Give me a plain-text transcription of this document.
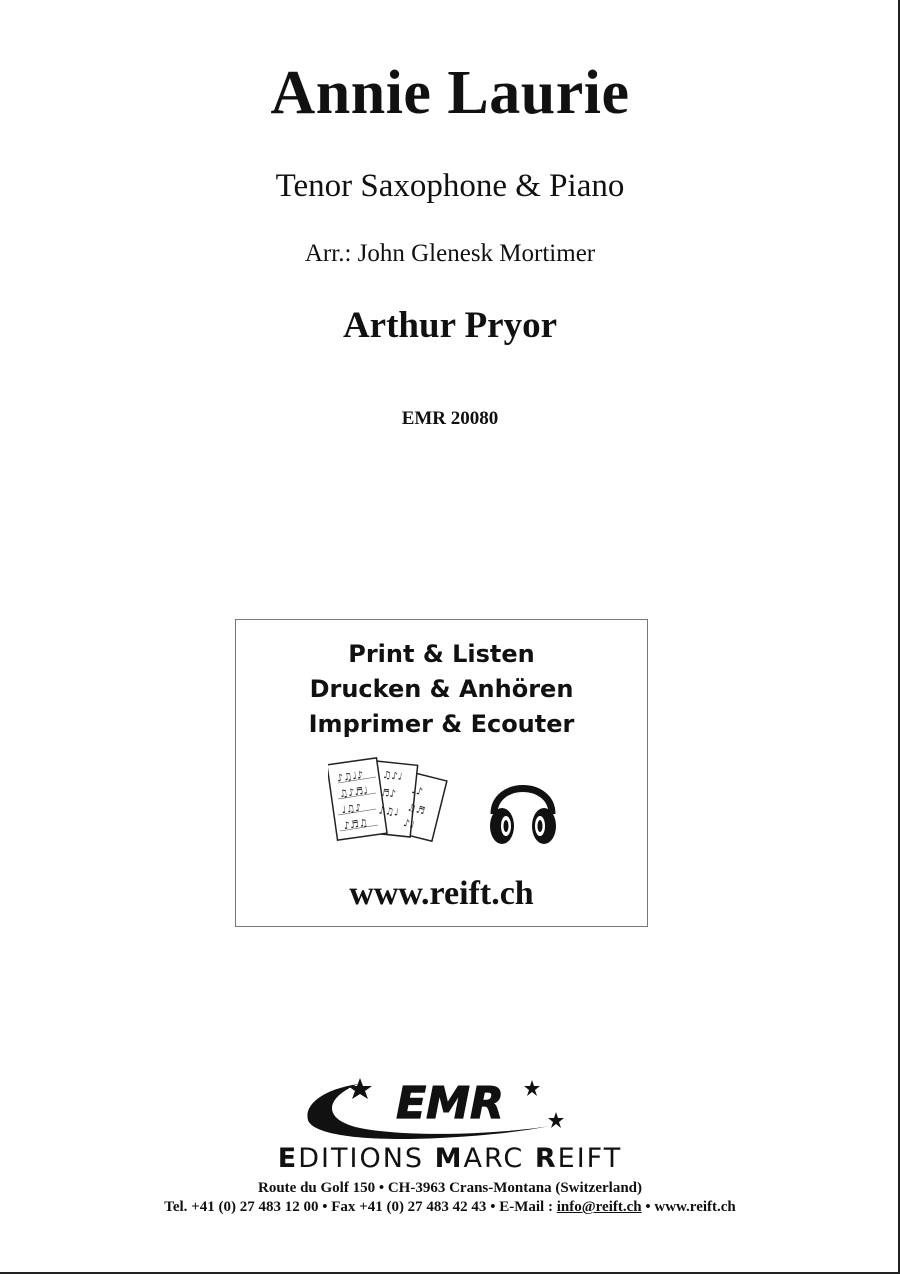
Annie Laurie
Tenor Saxophone & Piano
Arr.: John Glenesk Mortimer
Arthur Pryor
EMR 20080
Print & Listen
Drucken & Anhören
Imprimer & Ecouter
♪♫♩♪
♫♪♬♩
♩♫♪
♪♬♫
♫♪♩
♬♪
♪♫♩
♩♪
♫♬
♪♩
www.reift.ch
EMR
EDITIONS MARC REIFT
Route du Golf 150 • CH-3963 Crans-Montana (Switzerland)
Tel. +41 (0) 27 483 12 00 • Fax +41 (0) 27 483 42 43 • E-Mail : info@reift.ch • www.reift.ch
